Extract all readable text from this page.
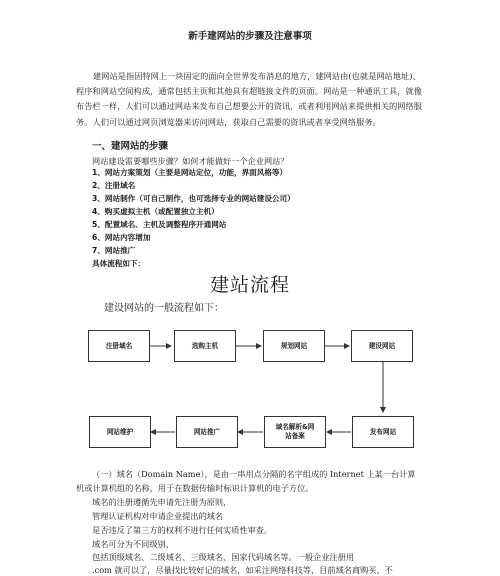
新手建网站的步骤及注意事项
建网站是指因特网上一块固定的面向全世界发布消息的地方，建网站由(也就是网站地址)、程序和网站空间构成，通常包括主页和其他具有超链接文件的页面。网站是一种通讯工具，就像布告栏一样，人们可以通过网站来发布自己想要公开的资讯，或者利用网站来提供相关的网络服务。人们可以通过网页浏览器来访问网站，获取自己需要的资讯或者享受网络服务。
一、建网站的步骤
网站建设需要哪些步骤？如何才能做好一个企业网站？
1、网站方案策划（主要是网站定位，功能，界面风格等）
2、注册域名
3、网站制作（可自己制作，也可选择专业的网站建设公司）
4、购买虚拟主机（或配置独立主机）
5、配置域名、主机及调整程序开通网站
6、网站内容增加
7、网站推广
具体流程如下：
建站流程
建设网站的一般流程如下：
注册域名	选购主机	规划网站	建设网站
网站维护	网站推广
域名解析&网站备案
发布网站
（一）域名（Domain Name），是由一串用点分隔的名字组成的 Internet 上某一台计算
机或计算机组的名称，用于在数据传输时标识计算机的电子方位。
域名的注册遵循先申请先注册为原则，
管理认证机构对申请企业提出的域名
是否违反了第三方的权利不进行任何实质性审查。
域名可分为不同级别，
包括顶级域名、二级域名、三级域名、国家代码域名等。一般企业注册用
.com 就可以了，尽量找比较好记的域名，如采注网络科技等，目前域名商购买，不
